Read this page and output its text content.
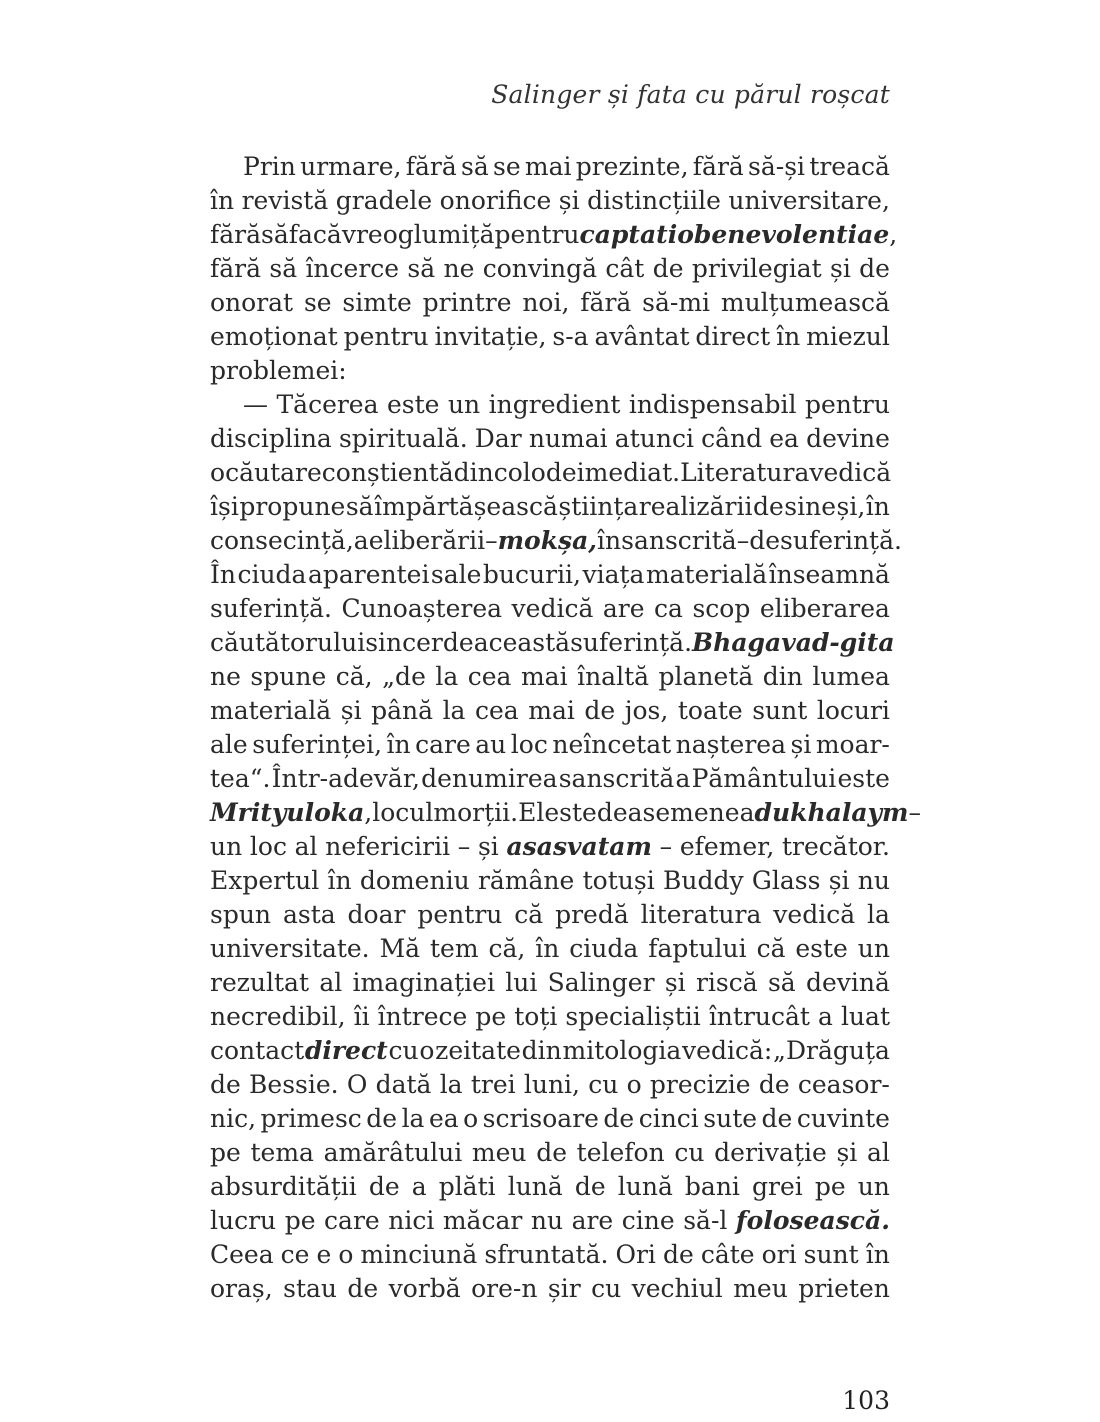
Salinger și fata cu părul roșcat
Prin urmare, fără să se mai prezinte, fără să-și treacă
în revistă gradele onorifice și distincțiile universitare,
fără să facă vreo glumiță pentru captatio benevolentiae,
fără să încerce să ne convingă cât de privilegiat și de
onorat se simte printre noi, fără să-mi mulțumească
emoționat pentru invitație, s-a avântat direct în miezul
problemei:
— Tăcerea este un ingredient indispensabil pentru
disciplina spirituală. Dar numai atunci când ea devine
o căutare conștientă dincolo de imediat. Literatura vedică
își propune să împărtășească știința realizării de sine și, în
consecință, a eliberării – mokșa, în sanscrită – de suferință.
În ciuda aparentei sale bucurii, viața materială înseamnă
suferință. Cunoașterea vedică are ca scop eliberarea
căutătorului sincer de această suferință. Bhagavad-gita
ne spune că, „de la cea mai înaltă planetă din lumea
materială și până la cea mai de jos, toate sunt locuri
ale suferinței, în care au loc neîncetat nașterea și moar-
tea“. Într-adevăr, denumirea sanscrită a Pământului este
Mrityuloka, locul morții. El este de asemenea dukhalaym –
un loc al nefericirii – și asasvatam – efemer, trecător.
Expertul în domeniu rămâne totuși Buddy Glass și nu
spun asta doar pentru că predă literatura vedică la
universitate. Mă tem că, în ciuda faptului că este un
rezultat al imaginației lui Salinger și riscă să devină
necredibil, îi întrece pe toți specialiștii întrucât a luat
contact direct cu o zeitate din mitologia vedică: „Drăguța
de Bessie. O dată la trei luni, cu o precizie de ceasor-
nic, primesc de la ea o scrisoare de cinci sute de cuvinte
pe tema amărâtului meu de telefon cu derivație și al
absurdității de a plăti lună de lună bani grei pe un
lucru pe care nici măcar nu are cine să-l folosească.
Ceea ce e o minciună sfruntată. Ori de câte ori sunt în
oraș, stau de vorbă ore-n șir cu vechiul meu prieten
103
